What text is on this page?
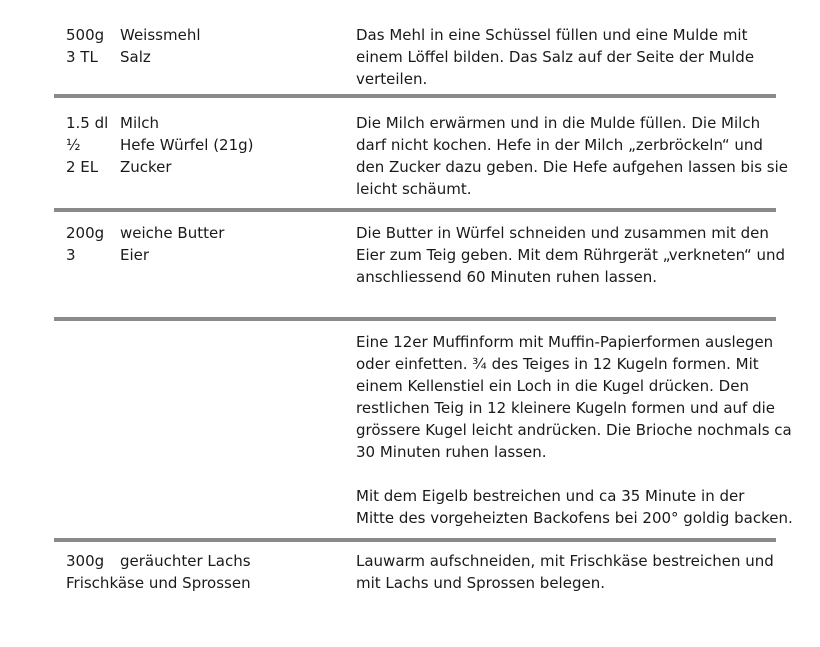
500g Weissmehl
3 TL Salz
Das Mehl in eine Schüssel füllen und eine Mulde mit
einem Löffel bilden. Das Salz auf der Seite der Mulde
verteilen.
1.5 dl Milch
½	Hefe Würfel (21g)
2 EL Zucker
Die Milch erwärmen und in die Mulde füllen. Die Milch
darf nicht kochen. Hefe in der Milch „zerbröckeln“ und
den Zucker dazu geben. Die Hefe aufgehen lassen bis sie
leicht schäumt.
200g weiche Butter
3	Eier
Die Butter in Würfel schneiden und zusammen mit den
Eier zum Teig geben. Mit dem Rührgerät „verkneten“ und
anschliessend 60 Minuten ruhen lassen.
Eine 12er Muffinform mit Muffin-Papierformen auslegen
oder einfetten. ¾ des Teiges in 12 Kugeln formen. Mit
einem Kellenstiel ein Loch in die Kugel drücken. Den
restlichen Teig in 12 kleinere Kugeln formen und auf die
grössere Kugel leicht andrücken. Die Brioche nochmals ca
30 Minuten ruhen lassen.
Mit dem Eigelb bestreichen und ca 35 Minute in der
Mitte des vorgeheizten Backofens bei 200° goldig backen.
300g geräuchter Lachs
Frischkäse und Sprossen
Lauwarm aufschneiden, mit Frischkäse bestreichen und
mit Lachs und Sprossen belegen.
